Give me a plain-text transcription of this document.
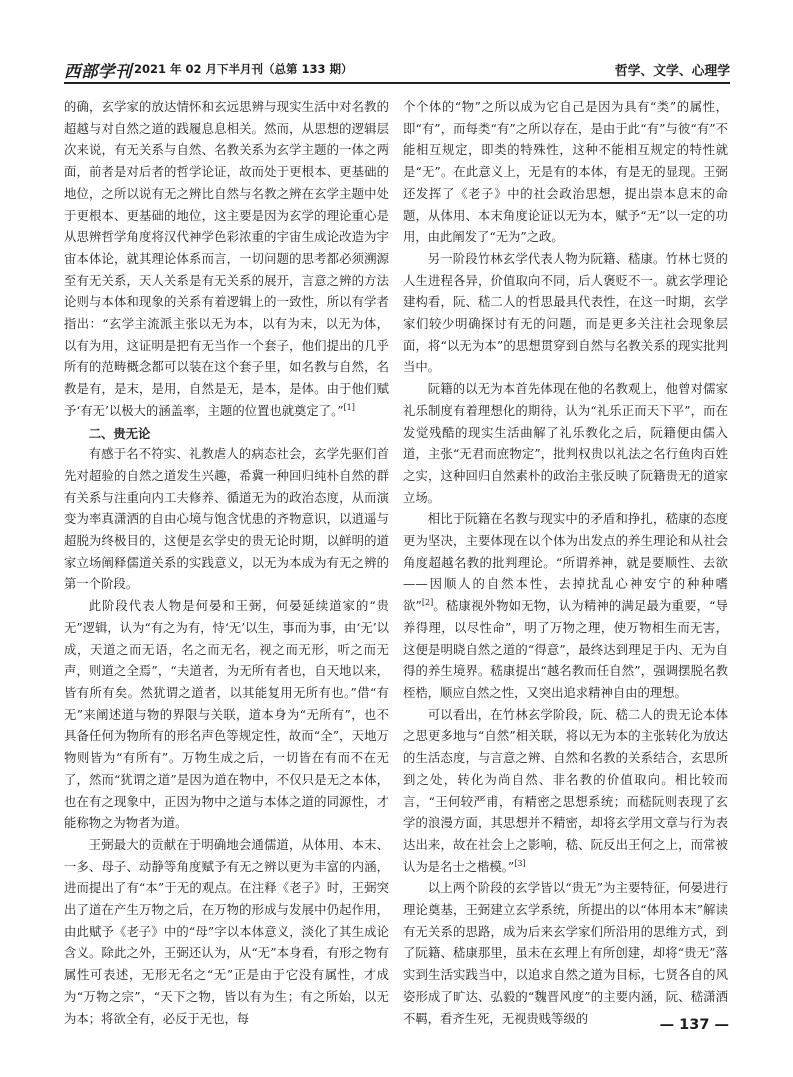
西部学刊 2021 年 02 月下半月刊（总第 133 期）	哲学、文学、心理学

的确，玄学家的放达情怀和玄远思辨与现实生活中对名教的超越与对自然之道的践履息息相关。然而，从思想的逻辑层次来说，有无关系与自然、名教关系为玄学主题的一体之两面，前者是对后者的哲学论证，故而处于更根本、更基础的地位，之所以说有无之辨比自然与名教之辨在玄学主题中处于更根本、更基础的地位，这主要是因为玄学的理论重心是从思辨哲学角度将汉代神学色彩浓重的宇宙生成论改造为宇宙本体论，就其理论体系而言，一切问题的思考都必须溯源至有无关系，天人关系是有无关系的展开，言意之辨的方法论则与本体和现象的关系有着逻辑上的一致性，所以有学者指出：“玄学主流派主张以无为本，以有为末，以无为体，以有为用，这证明是把有无当作一个套子，他们提出的几乎所有的范畴概念都可以装在这个套子里，如名教与自然，名教是有，是末，是用，自然是无，是本，是体。由于他们赋予‘有无’以极大的涵盖率，主题的位置也就奠定了。”[1]

二、贵无论

有感于名不符实、礼教虐人的病态社会，玄学先驱们首先对超验的自然之道发生兴趣，希冀一种回归纯朴自然的群有关系与注重向内工夫修养、循道无为的政治态度，从而演变为率真潇洒的自由心境与饱含忧患的齐物意识，以逍遥与超脱为终极目的，这便是玄学史的贵无论时期，以鲜明的道家立场阐释儒道关系的实践意义，以无为本成为有无之辨的第一个阶段。

此阶段代表人物是何晏和王弼，何晏延续道家的“贵无”逻辑，认为“有之为有，恃‘无’以生，事而为事，由‘无’以成，天道之而无语，名之而无名，视之而无形，听之而无声，则道之全焉”，“夫道者，为无所有者也，自天地以来，皆有所有矣。然犹谓之道者，以其能复用无所有也。”借“有无”来阐述道与物的界限与关联，道本身为“无所有”，也不具备任何为物所有的形名声色等规定性，故而“全”，天地万物则皆为“有所有”。万物生成之后，一切皆在有而不在无了，然而“犹谓之道”是因为道在物中，不仅只是无之本体，也在有之现象中，正因为物中之道与本体之道的同源性，才能称物之为物者为道。

王弼最大的贡献在于明确地会通儒道，从体用、本末、一多、母子、动静等角度赋予有无之辨以更为丰富的内涵，进而提出了有“本”于无的观点。在注释《老子》时，王弼突出了道在产生万物之后，在万物的形成与发展中仍起作用，由此赋予《老子》中的“母”字以本体意义，淡化了其生成论含义。除此之外，王弼还认为，从“无”本身看，有形之物有属性可表述，无形无名之“无”正是由于它没有属性，才成为“万物之宗”，“天下之物，皆以有为生；有之所始，以无为本；将欲全有，必反于无也，每

个个体的“物”之所以成为它自己是因为具有“类”的属性，即“有”，而每类“有”之所以存在，是由于此“有”与彼“有”不能相互规定，即类的特殊性，这种不能相互规定的特性就是“无”。在此意义上，无是有的本体，有是无的显现。王弼还发挥了《老子》中的社会政治思想，提出崇本息末的命题，从体用、本末角度论证以无为本，赋予“无”以一定的功用，由此阐发了“无为”之政。

另一阶段竹林玄学代表人物为阮籍、嵇康。竹林七贤的人生进程各异，价值取向不同，后人褒贬不一。就玄学理论建构看，阮、嵇二人的哲思最具代表性，在这一时期，玄学家们较少明确探讨有无的问题，而是更多关注社会现象层面，将“以无为本”的思想贯穿到自然与名教关系的现实批判当中。

阮籍的以无为本首先体现在他的名教观上，他曾对儒家礼乐制度有着理想化的期待，认为“礼乐正而天下平”，而在发觉残酷的现实生活曲解了礼乐教化之后，阮籍便由儒入道，主张“无君而庶物定”，批判权贵以礼法之名行鱼肉百姓之实，这种回归自然素朴的政治主张反映了阮籍贵无的道家立场。

相比于阮籍在名教与现实中的矛盾和挣扎，嵇康的态度更为坚决，主要体现在以个体为出发点的养生理论和从社会角度超越名教的批判理论。“所谓养神，就是要顺性、去欲——因顺人的自然本性，去掉扰乱心神安宁的种种嗜欲”[2]。嵇康视外物如无物，认为精神的满足最为重要，“导养得理，以尽性命”，明了万物之理，使万物相生而无害，这便是明晓自然之道的“得意”，最终达到理足于内、无为自得的养生境界。嵇康提出“越名教而任自然”，强调摆脱名教桎梏，顺应自然之性，又突出追求精神自由的理想。

可以看出，在竹林玄学阶段，阮、嵇二人的贵无论本体之思更多地与“自然”相关联，将以无为本的主张转化为放达的生活态度，与言意之辨、自然和名教的关系结合，玄思所到之处，转化为尚自然、非名教的价值取向。相比较而言，“王何较严甫，有精密之思想系统；而嵇阮则表现了玄学的浪漫方面，其思想并不精密，却将玄学用文章与行为表达出来，故在社会上之影响，嵇、阮反出王何之上，而常被认为是名士之楷模。”[3]

以上两个阶段的玄学皆以“贵无”为主要特征，何晏进行理论奠基，王弼建立玄学系统，所提出的以“体用本末”解读有无关系的思路，成为后来玄学家们所沿用的思维方式，到了阮籍、嵇康那里，虽未在玄理上有所创建，却将“贵无”落实到生活实践当中，以追求自然之道为目标，七贤各自的风姿形成了旷达、弘毅的“魏晋风度”的主要内涵，阮、嵇潇洒不羁，看齐生死，无视贵贱等级的	— 137 —
